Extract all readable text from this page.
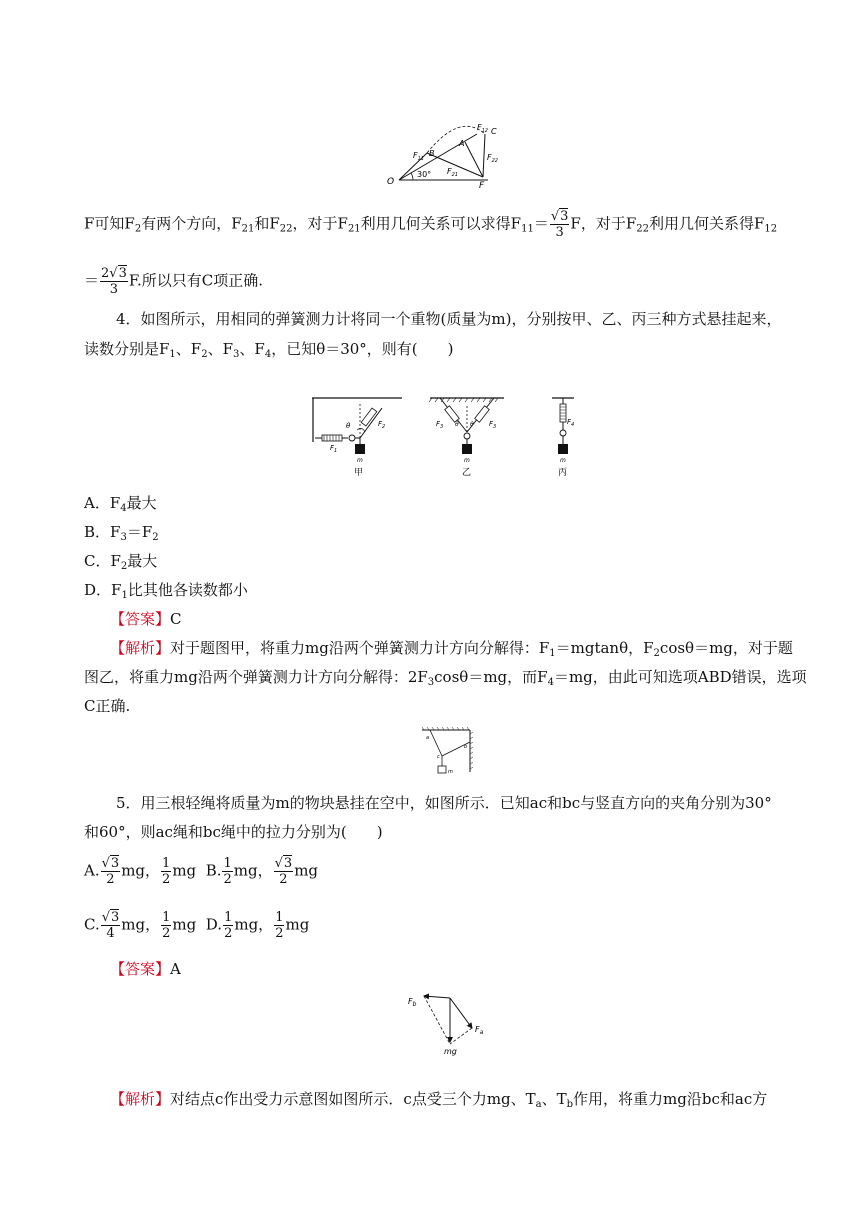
O	F
A
B
C
30°
$F_{11}$
$F_{12}$
$F_{21}$
$F_{22}$
F可知$F_2$有两个方向，$F_{21}$和$F_{22}$，对于$F_{21}$利用几何关系可以求得$F_{11}= \frac{√3}{3}$ F，对于$F_{22}$利用几何关系得$F_{12}$
＝ $\frac{2√3}{3} F$.所以只有C项正确.
4．如图所示，用相同的弹簧测力计将同一个重物(质量为m)，分别按甲、乙、丙三种方式悬挂起来，
读数分别是$F_1$、$F_2$、$F_3$、$F_4$，已知θ＝30°，则有(　　)
θ	$F_2$
$F_1$
m
甲
θ θ
$F_3$	$F_3$
m
乙
$F_4$
m
丙
A．$F_4$最大
B．$F_3=F_2$
C．$F_2$最大
D．$F_1$比其他各读数都小
【答案】C
【解析】对于题图甲，将重力mg沿两个弹簧测力计方向分解得：$F_1=mgtan\theta$，$F_2\cos\theta=mg$，对于题
图乙，将重力mg沿两个弹簧测力计方向分解得：$2F_3\cos\theta=mg$，而$F_4=mg$，由此可知选项ABD错误，选项
C正确.
a
b
c
m
5．用三根轻绳将质量为m的物块悬挂在空中，如图所示．已知ac和bc与竖直方向的夹角分别为30°
和60°，则ac绳和bc绳中的拉力分别为(　　)
A. $\frac{√3}{2}$ mg， $\frac{1}{2}$ mg B. $\frac{1}{2}$ mg， $\frac{√3}{2}$ mg
C. $\frac{√3}{4}$ mg， $\frac{1}{2}$ mg D. $\frac{1}{2}$ mg， $\frac{1}{2}$ mg
【答案】A
$F_b$
$F_a$
mg
【解析】对结点c作出受力示意图如图所示．c点受三个力mg、$T_a$、$T_b$作用，将重力mg沿bc和ac方
